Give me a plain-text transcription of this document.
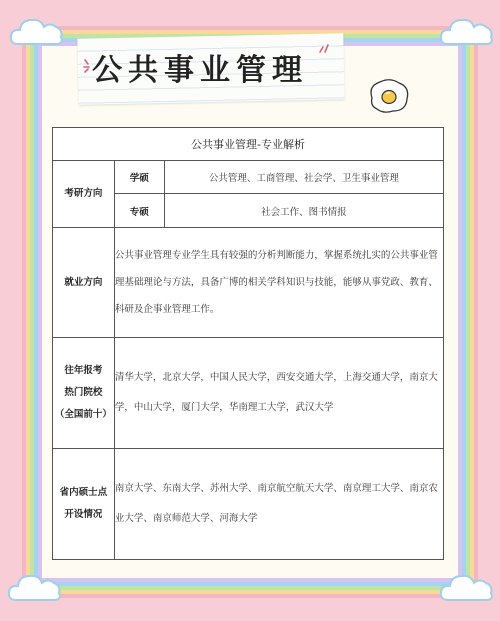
公共事业管理
公共事业管理-专业解析		
考研方向	学硕	公共管理、工商管理、社会学、卫生事业管理
	专硕	社会工作、图书情报
就业方向	公共事业管理专业学生具有较强的分析判断能力，掌握系统扎实的公共事业管理基础理论与方法，具备广博的相关学科知识与技能，能够从事党政、教育、科研及企事业管理工作。	

往年报考
热门院校
（全国前十）	清华大学，北京大学，中国人民大学，西安交通大学，上海交通大学，南京大学，中山大学，厦门大学，华南理工大学，武汉大学	

省内硕士点
开设情况	南京大学、东南大学、苏州大学、南京航空航天大学、南京理工大学、南京农业大学、南京师范大学、河海大学	
